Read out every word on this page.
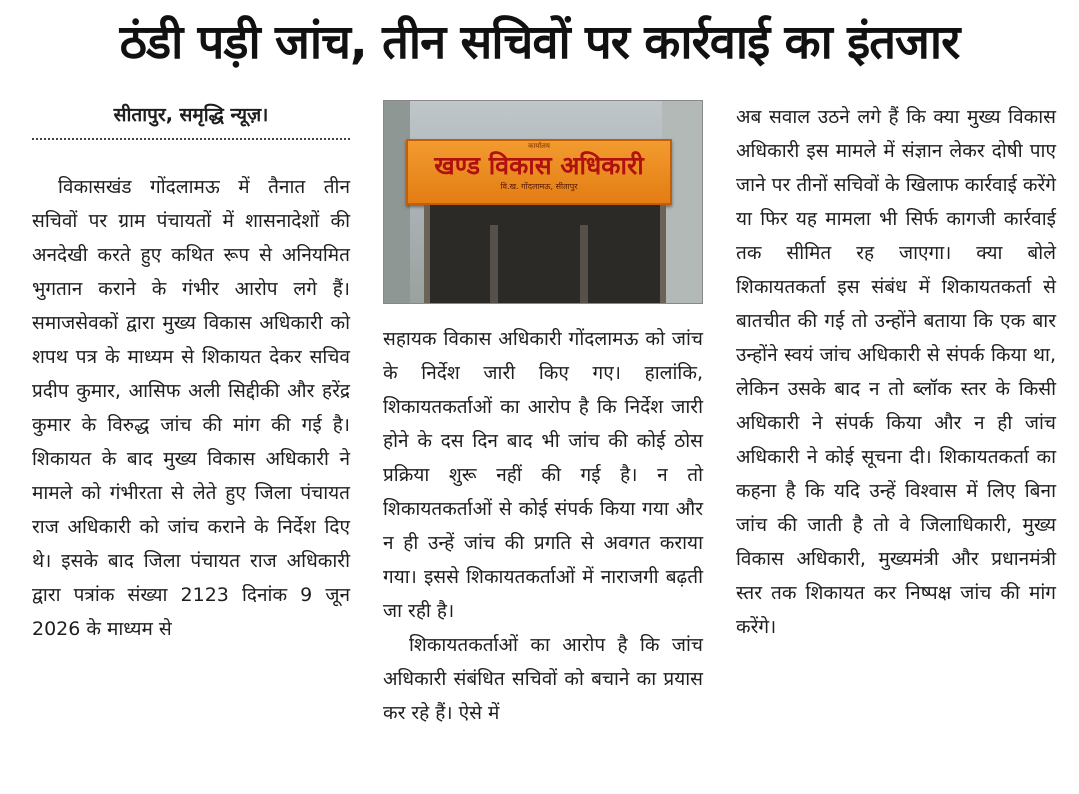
ठंडी पड़ी जांच, तीन सचिवों पर कार्रवाई का इंतजार
सीतापुर, समृद्धि न्यूज़।

विकासखंड गोंदलामऊ में तैनात तीन सचिवों पर ग्राम पंचायतों में शासनादेशों की अनदेखी करते हुए कथित रूप से अनियमित भुगतान कराने के गंभीर आरोप लगे हैं। समाजसेवकों द्वारा मुख्य विकास अधिकारी को शपथ पत्र के माध्यम से शिकायत देकर सचिव प्रदीप कुमार, आसिफ अली सिद्दीकी और हरेंद्र कुमार के विरुद्ध जांच की मांग की गई है। शिकायत के बाद मुख्य विकास अधिकारी ने मामले को गंभीरता से लेते हुए जिला पंचायत राज अधिकारी को जांच कराने के निर्देश दिए थे। इसके बाद जिला पंचायत राज अधिकारी द्वारा पत्रांक संख्या 2123 दिनांक 9 जून 2026 के माध्यम से

कार्यालय
खण्ड विकास अधिकारी
वि.ख. गोंदलामऊ, सीतापुर

सहायक विकास अधिकारी गोंदलामऊ को जांच के निर्देश जारी किए गए। हालांकि, शिकायतकर्ताओं का आरोप है कि निर्देश जारी होने के दस दिन बाद भी जांच की कोई ठोस प्रक्रिया शुरू नहीं की गई है। न तो शिकायतकर्ताओं से कोई संपर्क किया गया और न ही उन्हें जांच की प्रगति से अवगत कराया गया। इससे शिकायतकर्ताओं में नाराजगी बढ़ती जा रही है।

शिकायतकर्ताओं का आरोप है कि जांच अधिकारी संबंधित सचिवों को बचाने का प्रयास कर रहे हैं। ऐसे में

अब सवाल उठने लगे हैं कि क्या मुख्य विकास अधिकारी इस मामले में संज्ञान लेकर दोषी पाए जाने पर तीनों सचिवों के खिलाफ कार्रवाई करेंगे या फिर यह मामला भी सिर्फ कागजी कार्रवाई तक सीमित रह जाएगा। क्या बोले शिकायतकर्ता इस संबंध में शिकायतकर्ता से बातचीत की गई तो उन्होंने बताया कि एक बार उन्होंने स्वयं जांच अधिकारी से संपर्क किया था, लेकिन उसके बाद न तो ब्लॉक स्तर के किसी अधिकारी ने संपर्क किया और न ही जांच अधिकारी ने कोई सूचना दी। शिकायतकर्ता का कहना है कि यदि उन्हें विश्वास में लिए बिना जांच की जाती है तो वे जिलाधिकारी, मुख्य विकास अधिकारी, मुख्यमंत्री और प्रधानमंत्री स्तर तक शिकायत कर निष्पक्ष जांच की मांग करेंगे।
